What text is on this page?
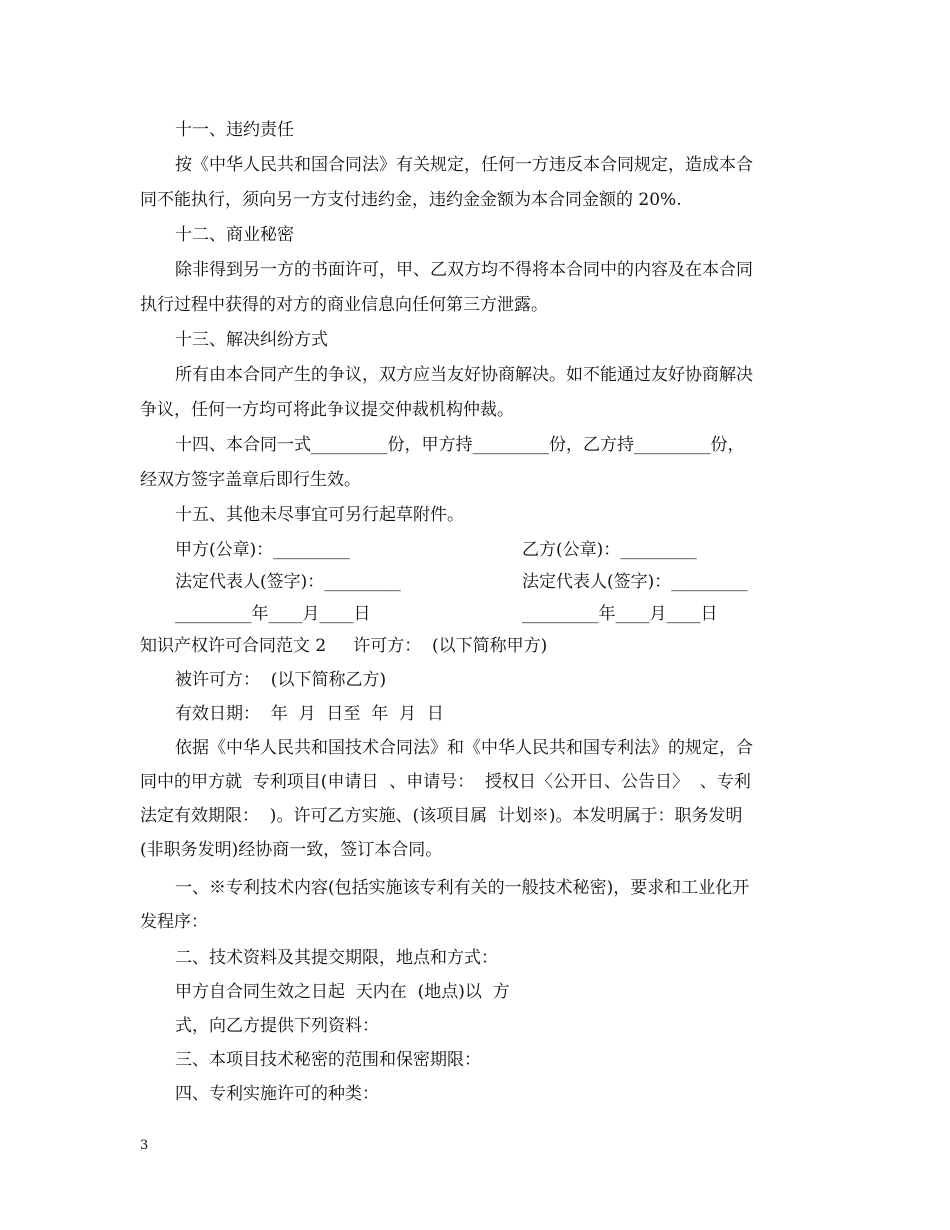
十一、违约责任
按《中华人民共和国合同法》有关规定，任何一方违反本合同规定，造成本合
同不能执行，须向另一方支付违约金，违约金金额为本合同金额的 20%.
十二、商业秘密
除非得到另一方的书面许可，甲、乙双方均不得将本合同中的内容及在本合同
执行过程中获得的对方的商业信息向任何第三方泄露。
十三、解决纠纷方式
所有由本合同产生的争议，双方应当友好协商解决。如不能通过友好协商解决
争议，任何一方均可将此争议提交仲裁机构仲裁。
十四、本合同一式_________份，甲方持_________份，乙方持_________份，
经双方签字盖章后即行生效。
十五、其他未尽事宜可另行起草附件。
甲方(公章)：_________	乙方(公章)：_________
法定代表人(签字)：_________	法定代表人(签字)：_________
_________年____月____日	_________年____月____日
知识产权许可合同范文 2     许可方：  (以下简称甲方)
被许可方：  (以下简称乙方)
有效日期：  年  月  日至  年  月  日
依据《中华人民共和国技术合同法》和《中华人民共和国专利法》的规定，合
同中的甲方就  专利项目(申请日  、申请号：  授权日〈公开日、公告日〉  、专利
法定有效期限：  )。许可乙方实施、(该项目属  计划※)。本发明属于：职务发明
(非职务发明)经协商一致，签订本合同。
一、※专利技术内容(包括实施该专利有关的一般技术秘密)，要求和工业化开
发程序：
二、技术资料及其提交期限，地点和方式：
甲方自合同生效之日起  天内在  (地点)以  方
式，向乙方提供下列资料：
三、本项目技术秘密的范围和保密期限：
四、专利实施许可的种类：
3
